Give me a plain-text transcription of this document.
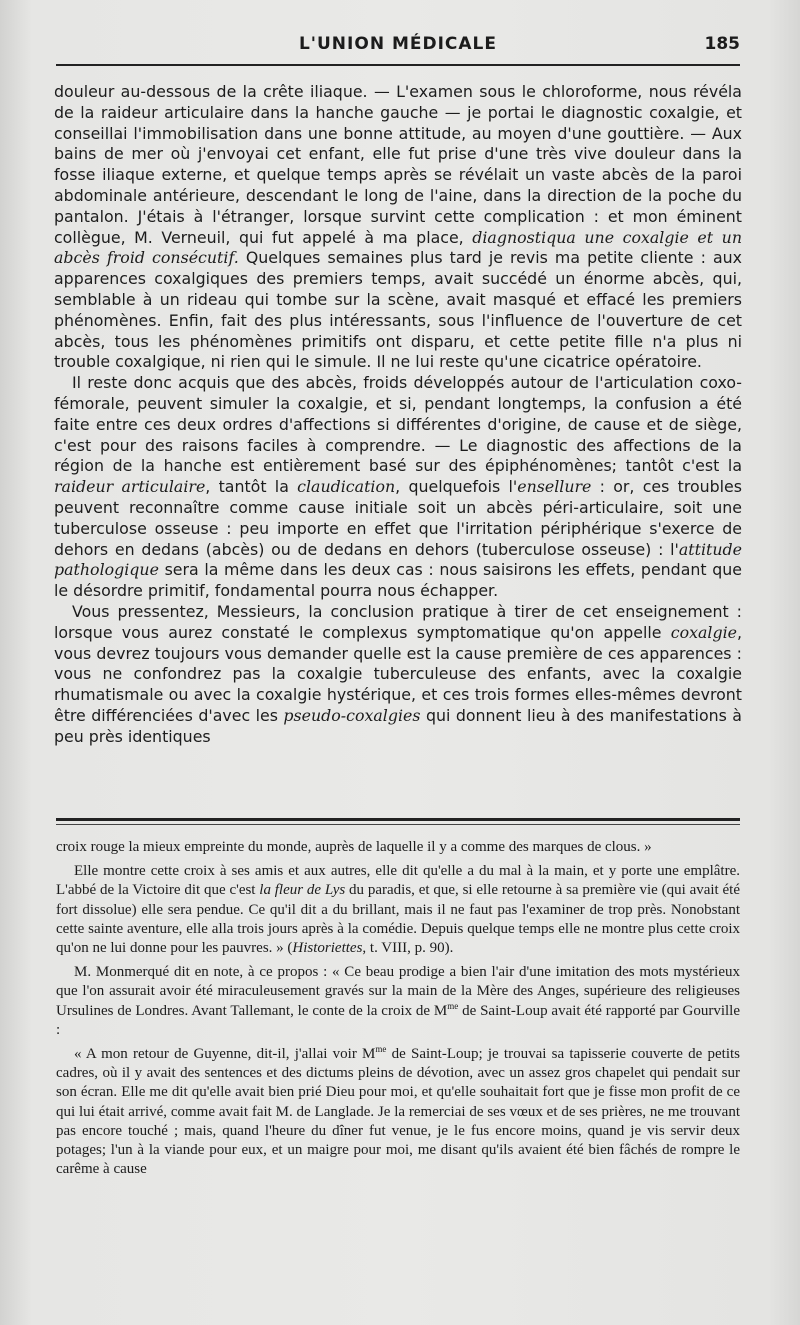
L'UNION MÉDICALE	185

douleur au-dessous de la crête iliaque. — L'examen sous le chloroforme, nous révéla de la raideur articulaire dans la hanche gauche — je portai le diagnostic coxalgie, et conseillai l'immobilisation dans une bonne attitude, au moyen d'une gouttière. — Aux bains de mer où j'envoyai cet enfant, elle fut prise d'une très vive douleur dans la fosse iliaque externe, et quelque temps après se révélait un vaste abcès de la paroi abdominale antérieure, descendant le long de l'aine, dans la direction de la poche du pantalon. J'étais à l'étranger, lorsque survint cette complication : et mon éminent collègue, M. Verneuil, qui fut appelé à ma place, diagnostiqua une coxalgie et un abcès froid consécutif. Quelques semaines plus tard je revis ma petite cliente : aux apparences coxalgiques des premiers temps, avait succédé un énorme abcès, qui, semblable à un rideau qui tombe sur la scène, avait masqué et effacé les premiers phénomènes. Enfin, fait des plus intéressants, sous l'influence de l'ouverture de cet abcès, tous les phénomènes primitifs ont disparu, et cette petite fille n'a plus ni trouble coxalgique, ni rien qui le simule. Il ne lui reste qu'une cicatrice opératoire.

Il reste donc acquis que des abcès, froids développés autour de l'articulation coxo-fémorale, peuvent simuler la coxalgie, et si, pendant longtemps, la confusion a été faite entre ces deux ordres d'affections si différentes d'origine, de cause et de siège, c'est pour des raisons faciles à comprendre. — Le diagnostic des affections de la région de la hanche est entièrement basé sur des épiphénomènes; tantôt c'est la raideur articulaire, tantôt la claudication, quelquefois l'ensellure : or, ces troubles peuvent reconnaître comme cause initiale soit un abcès péri-articulaire, soit une tuberculose osseuse : peu importe en effet que l'irritation périphérique s'exerce de dehors en dedans (abcès) ou de dedans en dehors (tuberculose osseuse) : l'attitude pathologique sera la même dans les deux cas : nous saisirons les effets, pendant que le désordre primitif, fondamental pourra nous échapper.

Vous pressentez, Messieurs, la conclusion pratique à tirer de cet enseignement : lorsque vous aurez constaté le complexus symptomatique qu'on appelle coxalgie, vous devrez toujours vous demander quelle est la cause première de ces apparences : vous ne confondrez pas la coxalgie tuberculeuse des enfants, avec la coxalgie rhumatismale ou avec la coxalgie hystérique, et ces trois formes elles-mêmes devront être différenciées d'avec les pseudo-coxalgies qui donnent lieu à des manifestations à peu près identiques

croix rouge la mieux empreinte du monde, auprès de laquelle il y a comme des marques de clous. »

Elle montre cette croix à ses amis et aux autres, elle dit qu'elle a du mal à la main, et y porte une emplâtre. L'abbé de la Victoire dit que c'est la fleur de Lys du paradis, et que, si elle retourne à sa première vie (qui avait été fort dissolue) elle sera pendue. Ce qu'il dit a du brillant, mais il ne faut pas l'examiner de trop près. Nonobstant cette sainte aventure, elle alla trois jours après à la comédie. Depuis quelque temps elle ne montre plus cette croix qu'on ne lui donne pour les pauvres. » (Historiettes, t. VIII, p. 90).

M. Monmerqué dit en note, à ce propos : « Ce beau prodige a bien l'air d'une imitation des mots mystérieux que l'on assurait avoir été miraculeusement gravés sur la main de la Mère des Anges, supérieure des religieuses Ursulines de Londres. Avant Tallemant, le conte de la croix de $M^{me}$ de Saint-Loup avait été rapporté par Gourville :

« A mon retour de Guyenne, dit-il, j'allai voir $M^{me}$ de Saint-Loup; je trouvai sa tapisserie couverte de petits cadres, où il y avait des sentences et des dictums pleins de dévotion, avec un assez gros chapelet qui pendait sur son écran. Elle me dit qu'elle avait bien prié Dieu pour moi, et qu'elle souhaitait fort que je fisse mon profit de ce qui lui était arrivé, comme avait fait M. de Langlade. Je la remerciai de ses vœux et de ses prières, ne me trouvant pas encore touché ; mais, quand l'heure du dîner fut venue, je le fus encore moins, quand je vis servir deux potages; l'un à la viande pour eux, et un maigre pour moi, me disant qu'ils avaient été bien fâchés de rompre le carême à cause
